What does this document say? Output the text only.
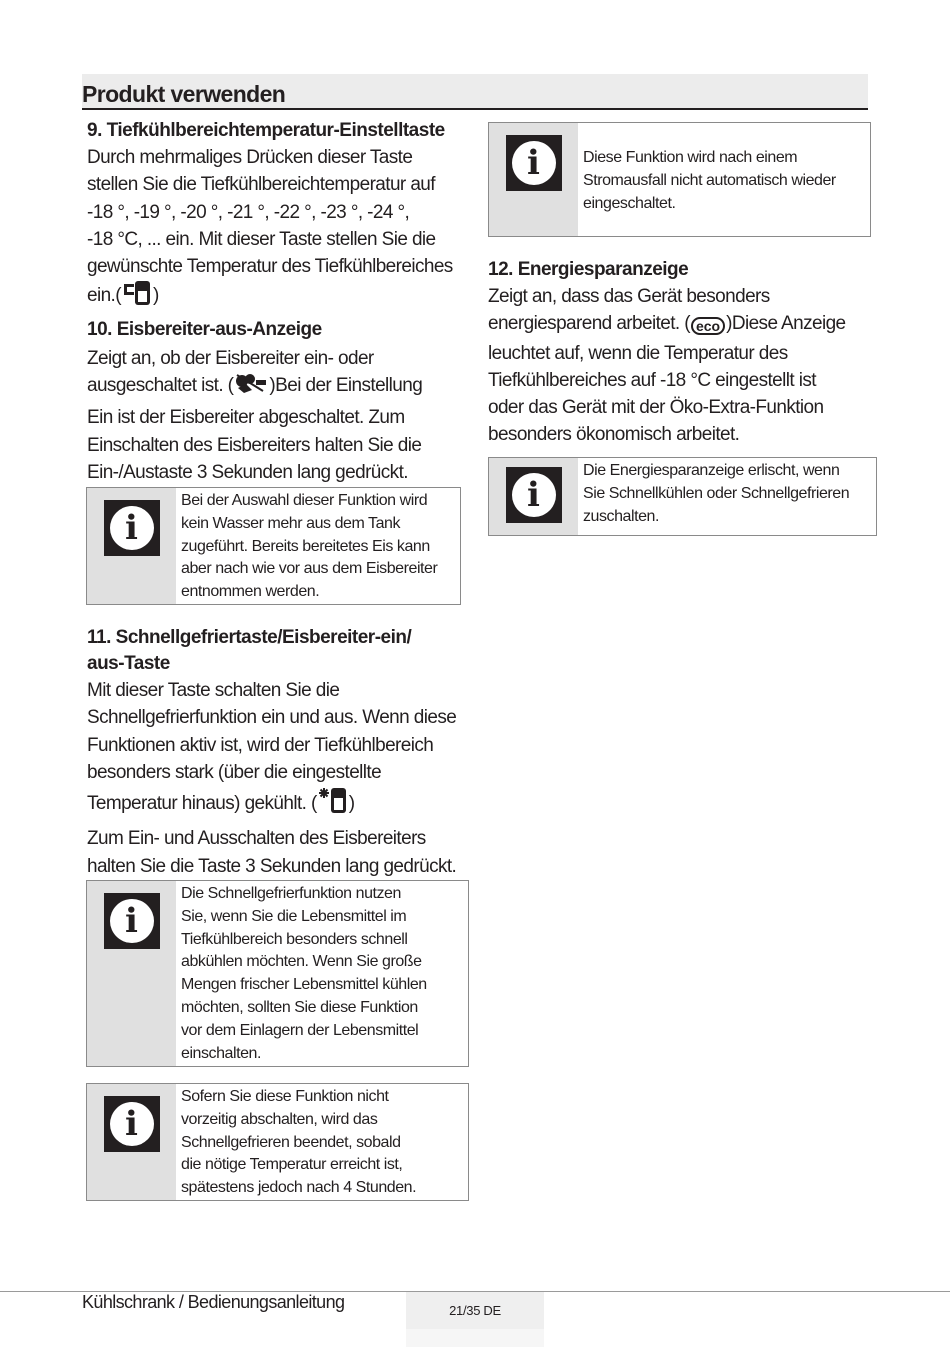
Produkt verwenden

9. Tiefkühlbereichtemperatur-Einstelltaste

Durch mehrmaliges Drücken dieser Taste

stellen Sie die Tiefkühlbereichtemperatur auf

-18 °, -19 °, -20 °, -21 °, -22 °, -23 °, -24 °,

-18 °C, ... ein. Mit dieser Taste stellen Sie die

gewünschte Temperatur des Tiefkühlbereiches

ein.( )

10. Eisbereiter-aus-Anzeige

Zeigt an, ob der Eisbereiter ein- oder

ausgeschaltet ist. ( )Bei der Einstellung

Ein ist der Eisbereiter abgeschaltet. Zum

Einschalten des Eisbereiters halten Sie die

Ein-/Austaste 3 Sekunden lang gedrückt.

i
Bei der Auswahl dieser Funktion wird
kein Wasser mehr aus dem Tank
zugeführt. Bereits bereitetes Eis kann
aber nach wie vor aus dem Eisbereiter
entnommen werden.

11. Schnellgefriertaste/Eisbereiter-ein/

aus-Taste

Mit dieser Taste schalten Sie die

Schnellgefrierfunktion ein und aus. Wenn diese

Funktionen aktiv ist, wird der Tiefkühlbereich

besonders stark (über die eingestellte

Temperatur hinaus) gekühlt. ( )

Zum Ein- und Ausschalten des Eisbereiters

halten Sie die Taste 3 Sekunden lang gedrückt.

i
Die Schnellgefrierfunktion nutzen
Sie, wenn Sie die Lebensmittel im
Tiefkühlbereich besonders schnell
abkühlen möchten. Wenn Sie große
Mengen frischer Lebensmittel kühlen
möchten, sollten Sie diese Funktion
vor dem Einlagern der Lebensmittel
einschalten.
i
Sofern Sie diese Funktion nicht
vorzeitig abschalten, wird das
Schnellgefrieren beendet, sobald
die nötige Temperatur erreicht ist,
spätestens jedoch nach 4 Stunden.
i	Diese Funktion wird nach einem
Stromausfall nicht automatisch wieder
eingeschaltet.

12. Energiesparanzeige

Zeigt an, dass das Gerät besonders

energiesparend arbeitet. ( eco )Diese Anzeige

leuchtet auf, wenn die Temperatur des

Tiefkühlbereiches auf -18 °C eingestellt ist

oder das Gerät mit der Öko-Extra-Funktion

besonders ökonomisch arbeitet.

i
Die Energiesparanzeige erlischt, wenn
Sie Schnellkühlen oder Schnellgefrieren
zuschalten.
Kühlschrank / Bedienungsanleitung	21/35 DE
